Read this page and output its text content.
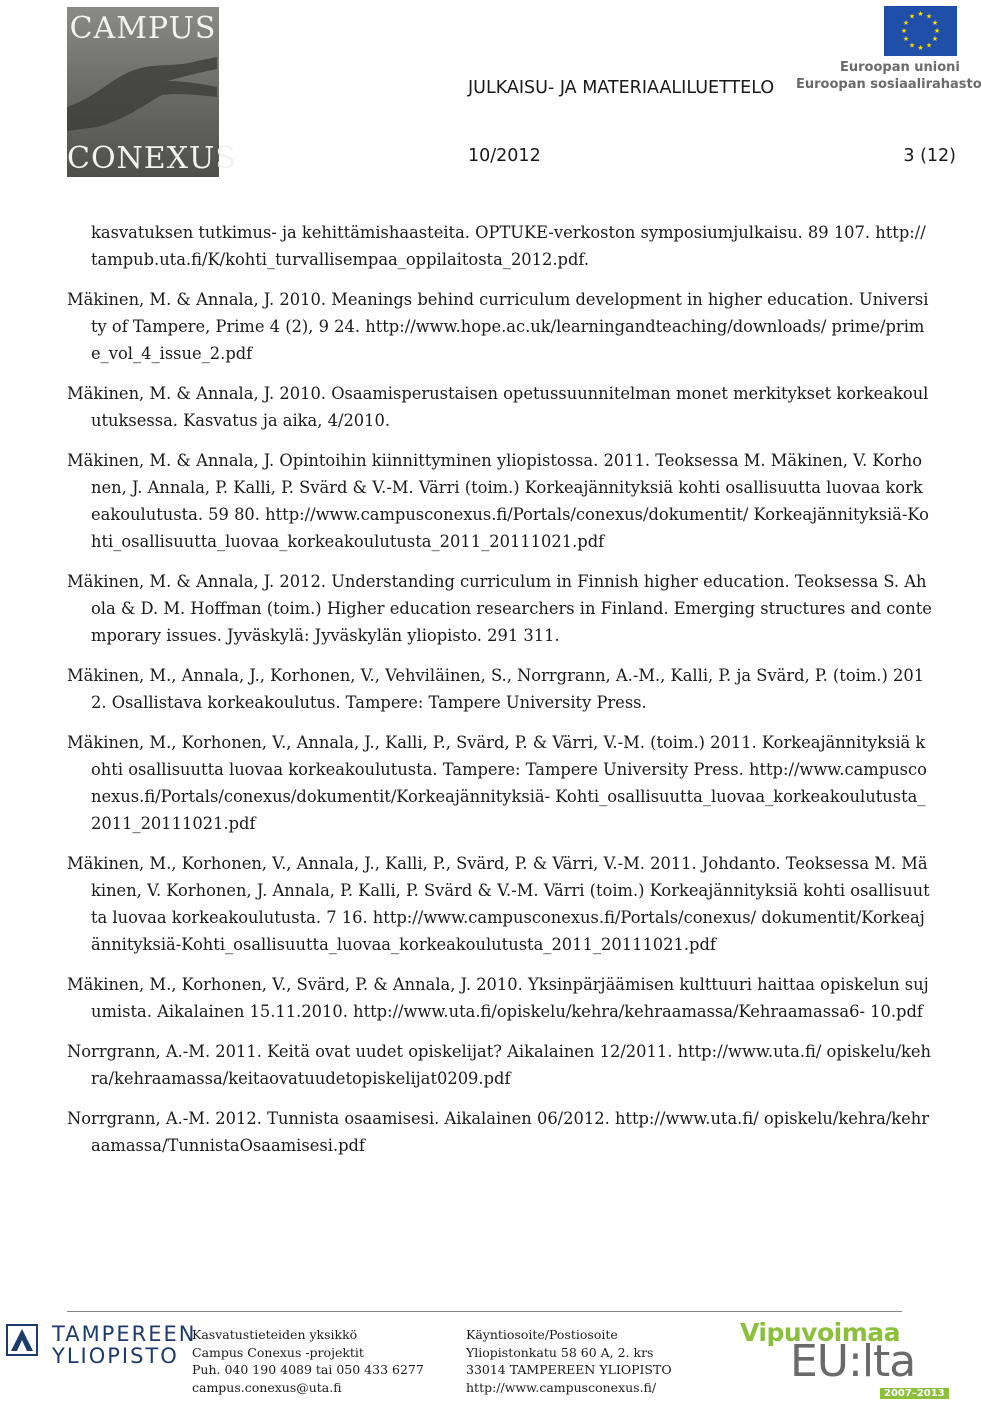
CAMPUS
CONEXUS
JULKAISU- JA MATERIAALILUETTELO
10/2012	3 (12)
★ ★
★
★
★
★
★
★
★
★
★
★
Euroopan unioni
Euroopan sosiaalirahasto

kasvatuksen tutkimus- ja kehittämishaasteita. OPTUKE-verkoston symposiumjulkaisu. 89 107. http://tampub.uta.fi/K/kohti_turvallisempaa_oppilaitosta_2012.pdf.

Mäkinen, M. & Annala, J. 2010. Meanings behind curriculum development in higher education. University of Tampere, Prime 4 (2), 9 24. http://www.hope.ac.uk/learningandteaching/downloads/ prime/prime_vol_4_issue_2.pdf

Mäkinen, M. & Annala, J. 2010. Osaamisperustaisen opetussuunnitelman monet merkitykset korkeakoulutuksessa. Kasvatus ja aika, 4/2010.

Mäkinen, M. & Annala, J. Opintoihin kiinnittyminen yliopistossa. 2011. Teoksessa M. Mäkinen, V. Korhonen, J. Annala, P. Kalli, P. Svärd & V.-M. Värri (toim.) Korkeajännityksiä kohti osallisuutta luovaa korkeakoulutusta. 59 80. http://www.campusconexus.fi/Portals/conexus/dokumentit/ Korkeajännityksiä-Kohti_osallisuutta_luovaa_korkeakoulutusta_2011_20111021.pdf

Mäkinen, M. & Annala, J. 2012. Understanding curriculum in Finnish higher education. Teoksessa S. Ahola & D. M. Hoffman (toim.) Higher education researchers in Finland. Emerging structures and contemporary issues. Jyväskylä: Jyväskylän yliopisto. 291 311.

Mäkinen, M., Annala, J., Korhonen, V., Vehviläinen, S., Norrgrann, A.-M., Kalli, P. ja Svärd, P. (toim.) 2012. Osallistava korkeakoulutus. Tampere: Tampere University Press.

Mäkinen, M., Korhonen, V., Annala, J., Kalli, P., Svärd, P. & Värri, V.-M. (toim.) 2011. Korkeajännityksiä kohti osallisuutta luovaa korkeakoulutusta. Tampere: Tampere University Press. http://www.campusconexus.fi/Portals/conexus/dokumentit/Korkeajännityksiä- Kohti_osallisuutta_luovaa_korkeakoulutusta_2011_20111021.pdf

Mäkinen, M., Korhonen, V., Annala, J., Kalli, P., Svärd, P. & Värri, V.-M. 2011. Johdanto. Teoksessa M. Mäkinen, V. Korhonen, J. Annala, P. Kalli, P. Svärd & V.-M. Värri (toim.) Korkeajännityksiä kohti osallisuutta luovaa korkeakoulutusta. 7 16. http://www.campusconexus.fi/Portals/conexus/ dokumentit/Korkeajännityksiä-Kohti_osallisuutta_luovaa_korkeakoulutusta_2011_20111021.pdf

Mäkinen, M., Korhonen, V., Svärd, P. & Annala, J. 2010. Yksinpärjäämisen kulttuuri haittaa opiskelun sujumista. Aikalainen 15.11.2010. http://www.uta.fi/opiskelu/kehra/kehraamassa/Kehraamassa6- 10.pdf

Norrgrann, A.-M. 2011. Keitä ovat uudet opiskelijat? Aikalainen 12/2011. http://www.uta.fi/ opiskelu/kehra/kehraamassa/keitaovatuudetopiskelijat0209.pdf

Norrgrann, A.-M. 2012. Tunnista osaamisesi. Aikalainen 06/2012. http://www.uta.fi/ opiskelu/kehra/kehraamassa/TunnistaOsaamisesi.pdf

TAMPEREEN
YLIOPISTO
Kasvatustieteiden yksikkö
Campus Conexus -projektit
Puh. 040 190 4089 tai 050 433 6277
campus.conexus@uta.fi
Käyntiosoite/Postiosoite
Yliopistonkatu 58 60 A, 2. krs
33014 TAMPEREEN YLIOPISTO
http://www.campusconexus.fi/
Vipuvoimaa
EU:lta
2007–2013
